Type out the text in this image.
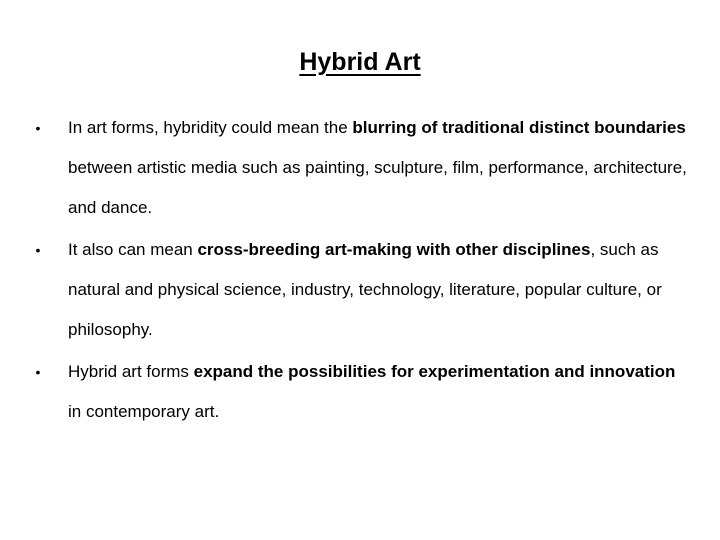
Hybrid Art
•	In art forms, hybridity could mean the blurring of traditional distinct boundaries between artistic media such as painting, sculpture, film, performance, architecture, and dance.
•	It also can mean cross-breeding art-making with other disciplines, such as natural and physical science, industry, technology, literature, popular culture, or philosophy.
•	Hybrid art forms expand the possibilities for experimentation and innovation in contemporary art.
